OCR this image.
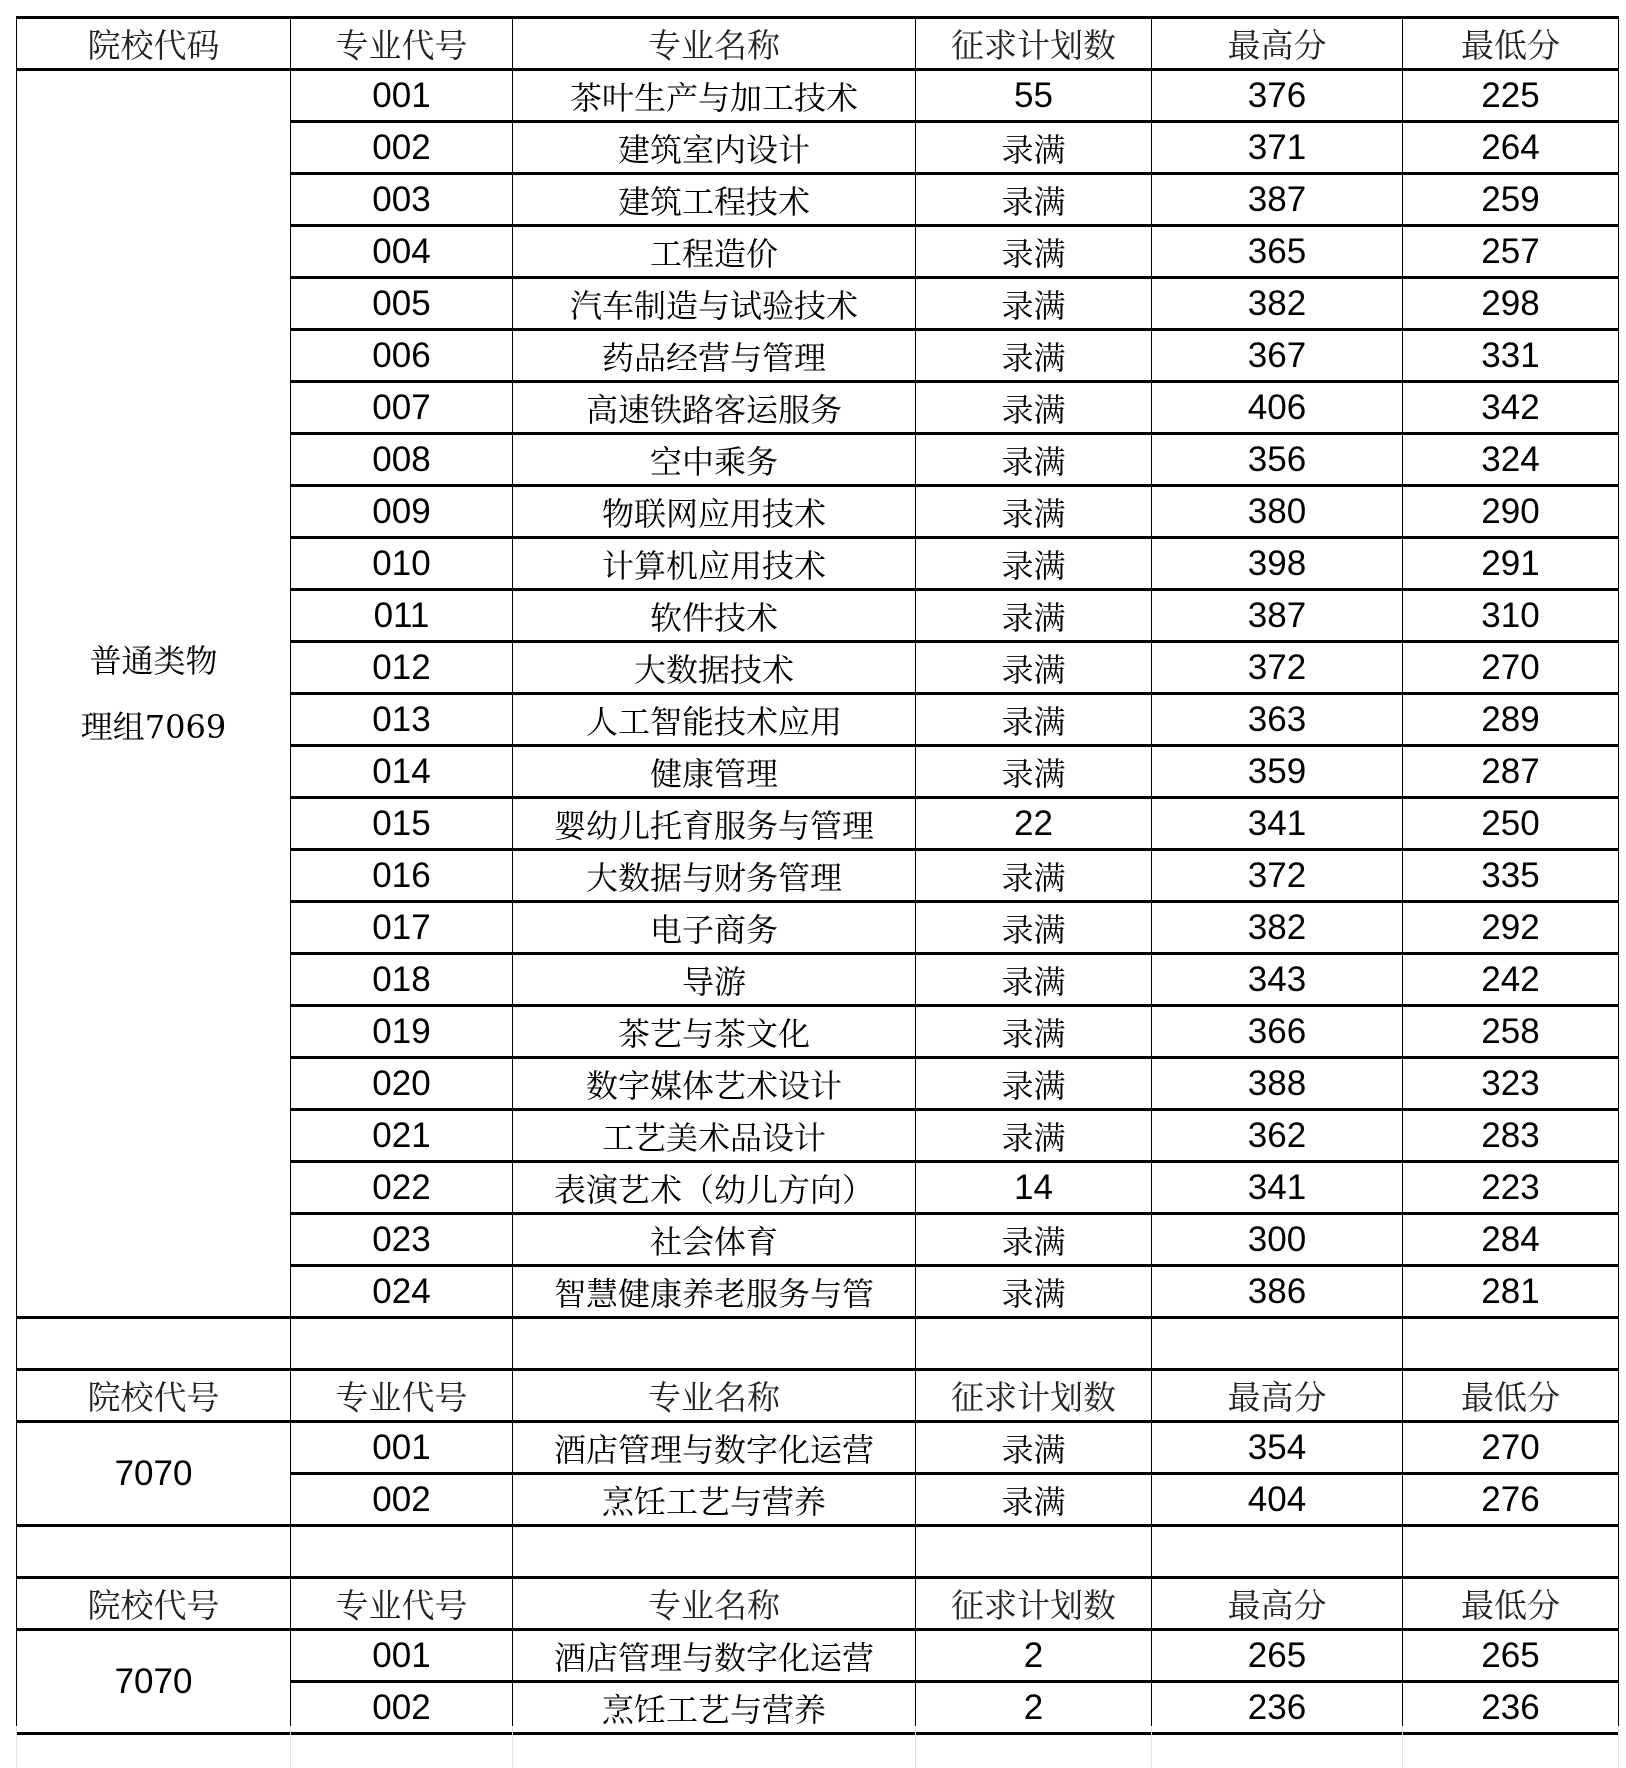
院校代码	专业代号	专业名称	征求计划数	最高分	最低分

普通类物
理组7069	001	茶叶生产与加工技术	55	376	225
	002	建筑室内设计	录满	371	264
	003	建筑工程技术	录满	387	259
	004	工程造价	录满	365	257
	005	汽车制造与试验技术	录满	382	298
	006	药品经营与管理	录满	367	331
	007	高速铁路客运服务	录满	406	342
	008	空中乘务	录满	356	324
	009	物联网应用技术	录满	380	290
	010	计算机应用技术	录满	398	291
	011	软件技术	录满	387	310
	012	大数据技术	录满	372	270
	013	人工智能技术应用	录满	363	289
	014	健康管理	录满	359	287
	015	婴幼儿托育服务与管理	22	341	250
	016	大数据与财务管理	录满	372	335
	017	电子商务	录满	382	292
	018	导游	录满	343	242
	019	茶艺与茶文化	录满	366	258
	020	数字媒体艺术设计	录满	388	323
	021	工艺美术品设计	录满	362	283
	022	表演艺术（幼儿方向）	14	341	223
	023	社会体育	录满	300	284
	024	智慧健康养老服务与管	录满	386	281

院校代号	专业代号	专业名称	征求计划数	最高分	最低分
7070	001	酒店管理与数字化运营	录满	354	270
	002	烹饪工艺与营养	录满	404	276

院校代号	专业代号	专业名称	征求计划数	最高分	最低分
7070	001	酒店管理与数字化运营	2	265	265
	002	烹饪工艺与营养	2	236	236
